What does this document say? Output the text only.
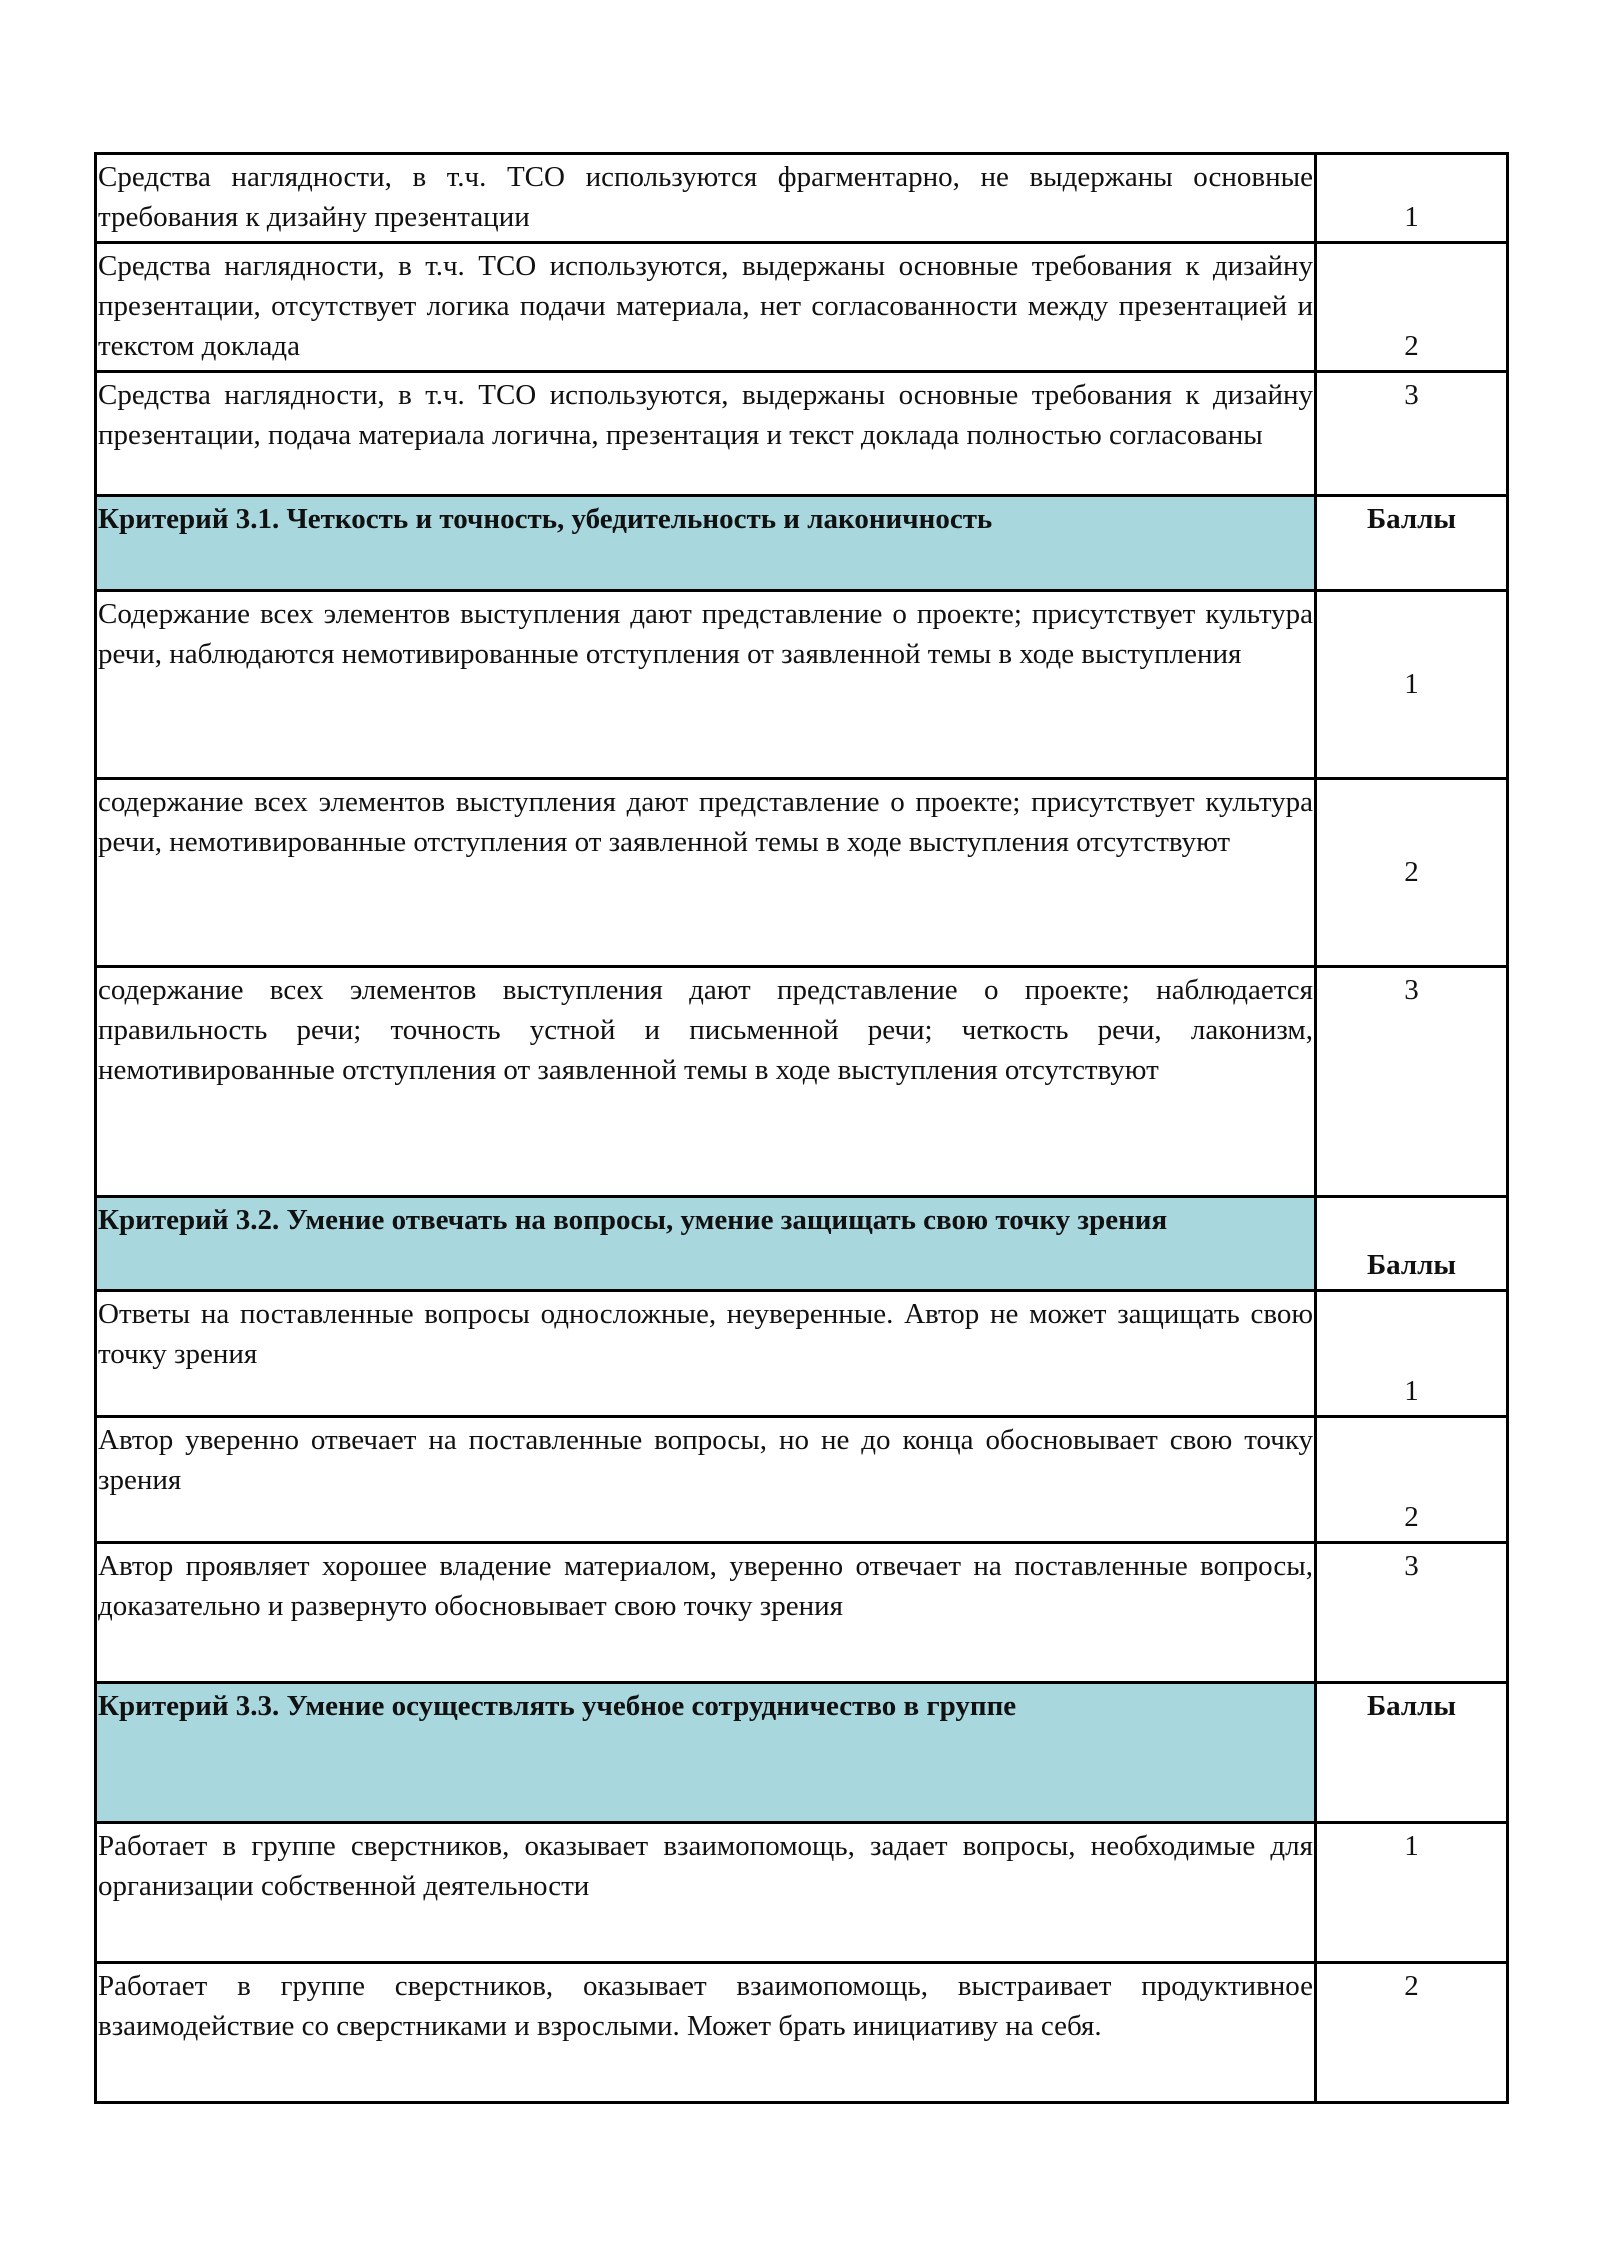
Средства наглядности, в т.ч. ТСО используются фрагментарно, не выдержаны основные требования к дизайну презентации	1
Средства наглядности, в т.ч. ТСО используются, выдержаны основные требования к дизайну презентации, отсутствует логика подачи материала, нет согласованности между презентацией и текстом доклада	2
Средства наглядности, в т.ч. ТСО используются, выдержаны основные требования к дизайну презентации, подача материала логична, презентация и текст доклада полностью согласованы	3
Критерий 3.1. Четкость и точность, убедительность и лаконичность	Баллы
Содержание всех элементов выступления дают представление о проекте; присутствует культура речи, наблюдаются немотивированные отступления от заявленной темы в ходе выступления	1
содержание всех элементов выступления дают представление о проекте; присутствует культура речи, немотивированные отступления от заявленной темы в ходе выступления отсутствуют	2
содержание всех элементов выступления дают представление о проекте; наблюдается правильность речи; точность устной и письменной речи; четкость речи, лаконизм, немотивированные отступления от заявленной темы в ходе выступления отсутствуют	3
Критерий 3.2. Умение отвечать на вопросы, умение защищать свою точку зрения	Баллы
Ответы на поставленные вопросы односложные, неуверенные. Автор не может защищать свою точку зрения	1
Автор уверенно отвечает на поставленные вопросы, но не до конца обосновывает свою точку зрения	2
Автор проявляет хорошее владение материалом, уверенно отвечает на поставленные вопросы, доказательно и развернуто обосновывает свою точку зрения	3
Критерий 3.3. Умение осуществлять учебное сотрудничество в группе	Баллы
Работает в группе сверстников, оказывает взаимопомощь, задает вопросы, необходимые для организации собственной деятельности	1
Работает в группе сверстников, оказывает взаимопомощь, выстраивает продуктивное взаимодействие со сверстниками и взрослыми. Может брать инициативу на себя.	2
